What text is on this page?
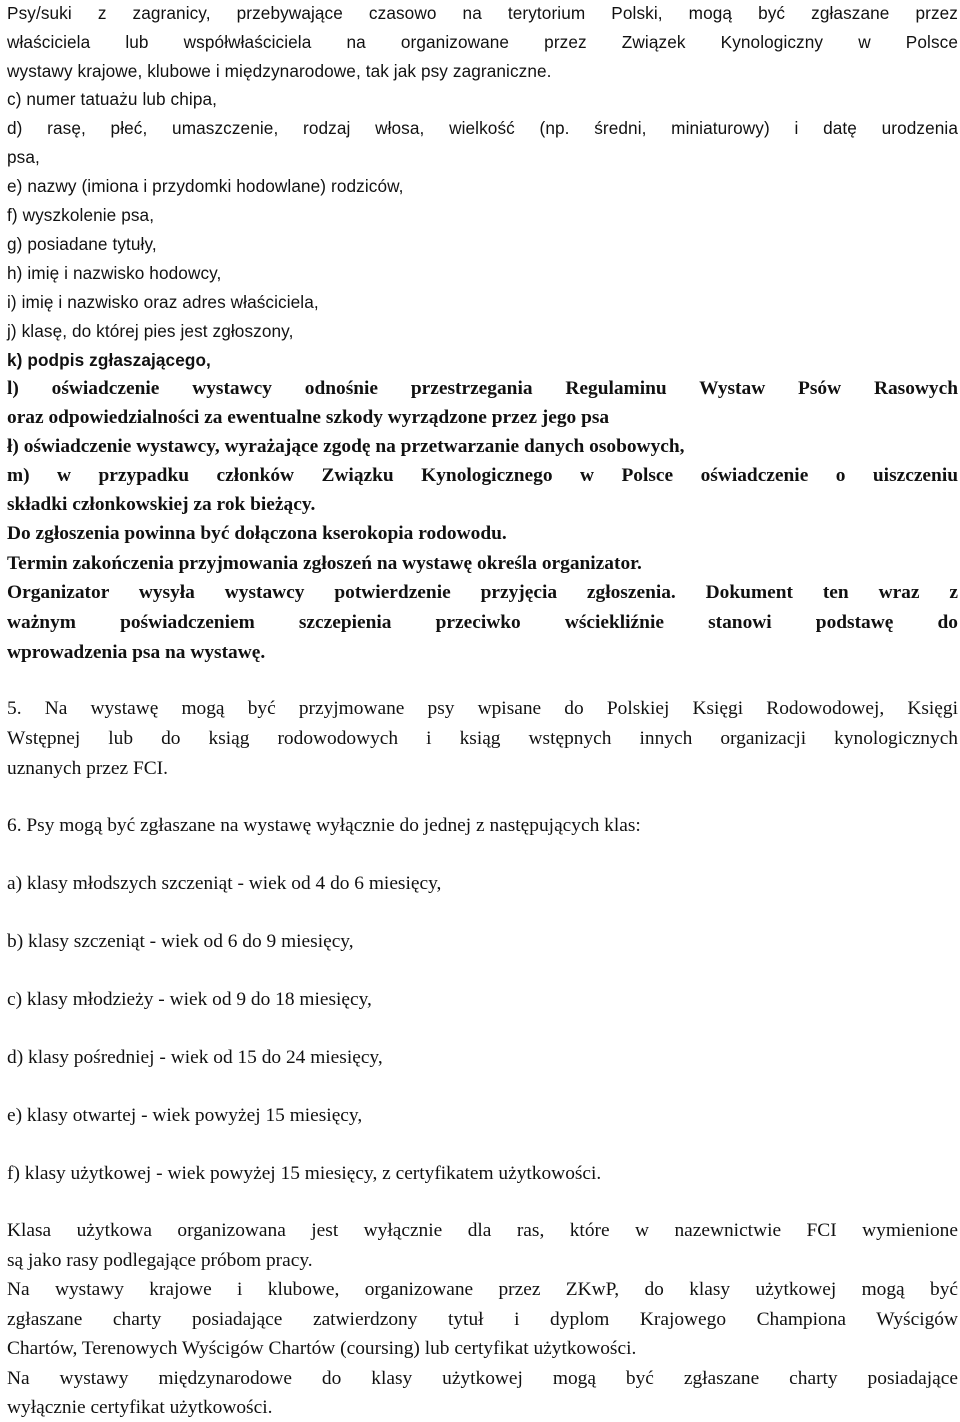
Psy/suki z zagranicy, przebywające czasowo na terytorium Polski, mogą być zgłaszane przez
właściciela lub współwłaściciela na organizowane przez Związek Kynologiczny w Polsce
wystawy krajowe, klubowe i międzynarodowe, tak jak psy zagraniczne.
c) numer tatuażu lub chipa,
d) rasę, płeć, umaszczenie, rodzaj włosa, wielkość (np. średni, miniaturowy) i datę urodzenia
psa,
e) nazwy (imiona i przydomki hodowlane) rodziców,
f) wyszkolenie psa,
g) posiadane tytuły,
h) imię i nazwisko hodowcy,
i) imię i nazwisko oraz adres właściciela,
j) klasę, do której pies jest zgłoszony,
k) podpis zgłaszającego,
l) oświadczenie wystawcy odnośnie przestrzegania Regulaminu Wystaw Psów Rasowych
oraz odpowiedzialności za ewentualne szkody wyrządzone przez jego psa
ł) oświadczenie wystawcy, wyrażające zgodę na przetwarzanie danych osobowych,
m) w przypadku członków Związku Kynologicznego w Polsce oświadczenie o uiszczeniu
składki członkowskiej za rok bieżący.
Do zgłoszenia powinna być dołączona kserokopia rodowodu.
Termin zakończenia przyjmowania zgłoszeń na wystawę określa organizator.
Organizator wysyła wystawcy potwierdzenie przyjęcia zgłoszenia. Dokument ten wraz z
ważnym poświadczeniem szczepienia przeciwko wściekliźnie stanowi podstawę do
wprowadzenia psa na wystawę.
5. Na wystawę mogą być przyjmowane psy wpisane do Polskiej Księgi Rodowodowej, Księgi
Wstępnej lub do ksiąg rodowodowych i ksiąg wstępnych innych organizacji kynologicznych
uznanych przez FCI.
6. Psy mogą być zgłaszane na wystawę wyłącznie do jednej z następujących klas:
a) klasy młodszych szczeniąt - wiek od 4 do 6 miesięcy,
b) klasy szczeniąt - wiek od 6 do 9 miesięcy,
c) klasy młodzieży - wiek od 9 do 18 miesięcy,
d) klasy pośredniej - wiek od 15 do 24 miesięcy,
e) klasy otwartej - wiek powyżej 15 miesięcy,
f) klasy użytkowej - wiek powyżej 15 miesięcy, z certyfikatem użytkowości.
Klasa użytkowa organizowana jest wyłącznie dla ras, które w nazewnictwie FCI wymienione
są jako rasy podlegające próbom pracy.
Na wystawy krajowe i klubowe, organizowane przez ZKwP, do klasy użytkowej mogą być
zgłaszane charty posiadające zatwierdzony tytuł i dyplom Krajowego Championa Wyścigów
Chartów, Terenowych Wyścigów Chartów (coursing) lub certyfikat użytkowości.
Na wystawy międzynarodowe do klasy użytkowej mogą być zgłaszane charty posiadające
wyłącznie certyfikat użytkowości.
